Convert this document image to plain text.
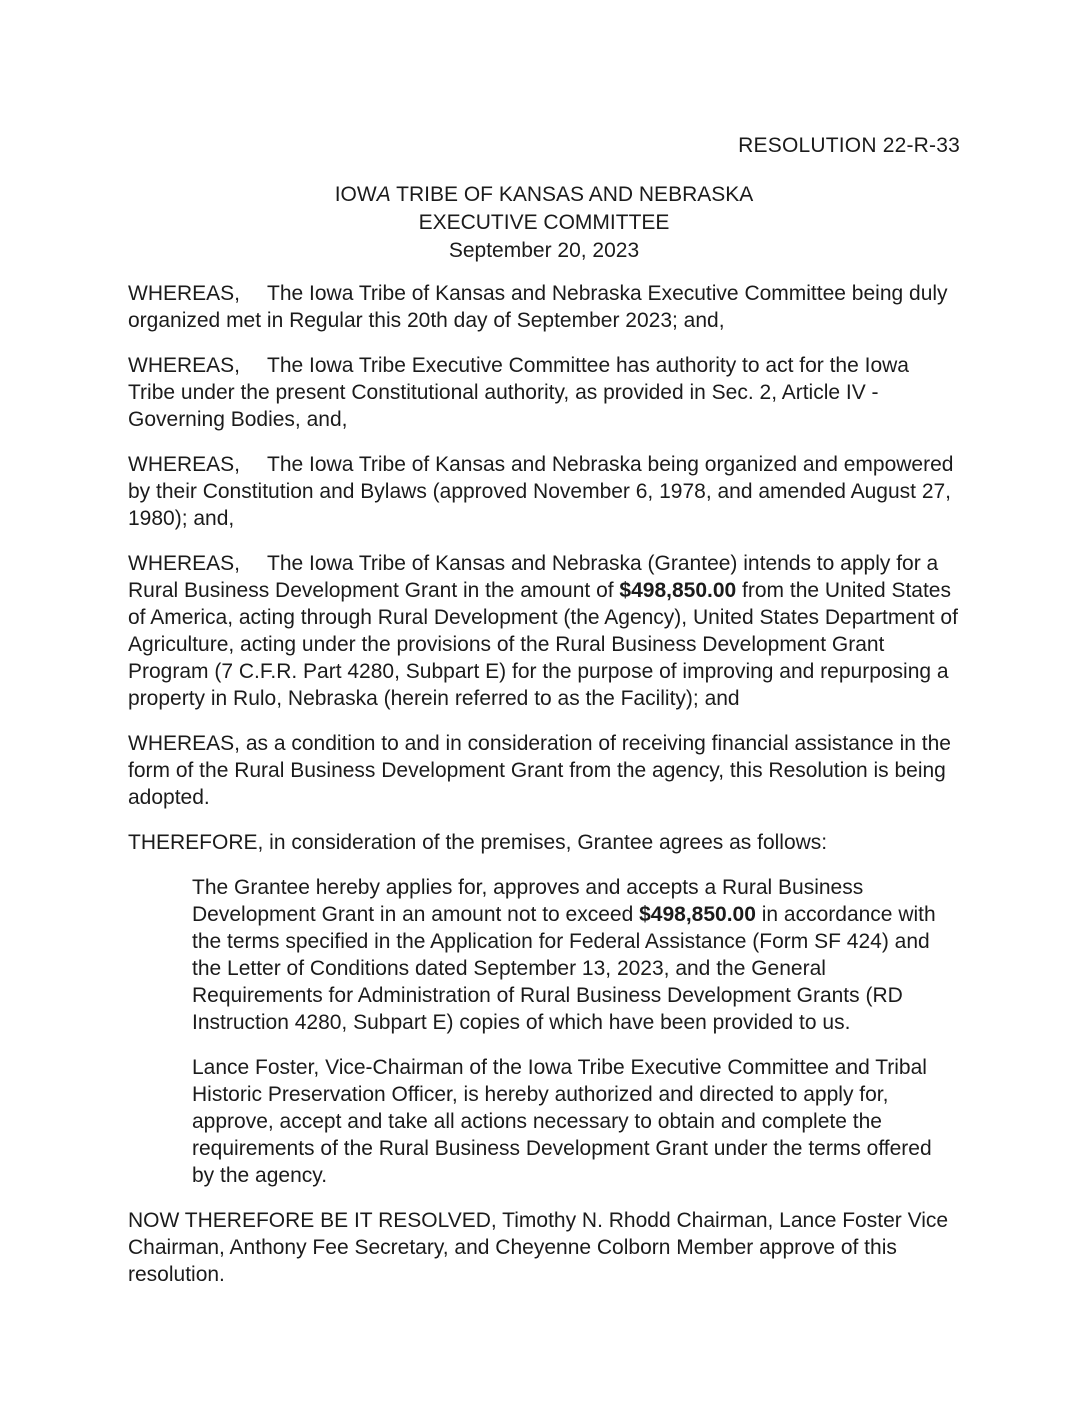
RESOLUTION 22-R-33
IOWA TRIBE OF KANSAS AND NEBRASKA
EXECUTIVE COMMITTEE
September 20, 2023

WHEREAS, The Iowa Tribe of Kansas and Nebraska Executive Committee being duly organized met in Regular this 20th day of September 2023; and,

WHEREAS, The Iowa Tribe Executive Committee has authority to act for the Iowa Tribe under the present Constitutional authority, as provided in Sec. 2, Article IV - Governing Bodies, and,

WHEREAS, The Iowa Tribe of Kansas and Nebraska being organized and empowered by their Constitution and Bylaws (approved November 6, 1978, and amended August 27, 1980); and,

WHEREAS, The Iowa Tribe of Kansas and Nebraska (Grantee) intends to apply for a Rural Business Development Grant in the amount of $498,850.00 from the United States of America, acting through Rural Development (the Agency), United States Department of Agriculture, acting under the provisions of the Rural Business Development Grant Program (7 C.F.R. Part 4280, Subpart E) for the purpose of improving and repurposing a property in Rulo, Nebraska (herein referred to as the Facility); and

WHEREAS, as a condition to and in consideration of receiving financial assistance in the form of the Rural Business Development Grant from the agency, this Resolution is being adopted.

THEREFORE, in consideration of the premises, Grantee agrees as follows:

The Grantee hereby applies for, approves and accepts a Rural Business Development Grant in an amount not to exceed $498,850.00 in accordance with the terms specified in the Application for Federal Assistance (Form SF 424) and the Letter of Conditions dated September 13, 2023, and the General Requirements for Administration of Rural Business Development Grants (RD Instruction 4280, Subpart E) copies of which have been provided to us.

Lance Foster, Vice-Chairman of the Iowa Tribe Executive Committee and Tribal Historic Preservation Officer, is hereby authorized and directed to apply for, approve, accept and take all actions necessary to obtain and complete the requirements of the Rural Business Development Grant under the terms offered by the agency.

NOW THEREFORE BE IT RESOLVED, Timothy N. Rhodd Chairman, Lance Foster Vice Chairman, Anthony Fee Secretary, and Cheyenne Colborn Member approve of this resolution.
